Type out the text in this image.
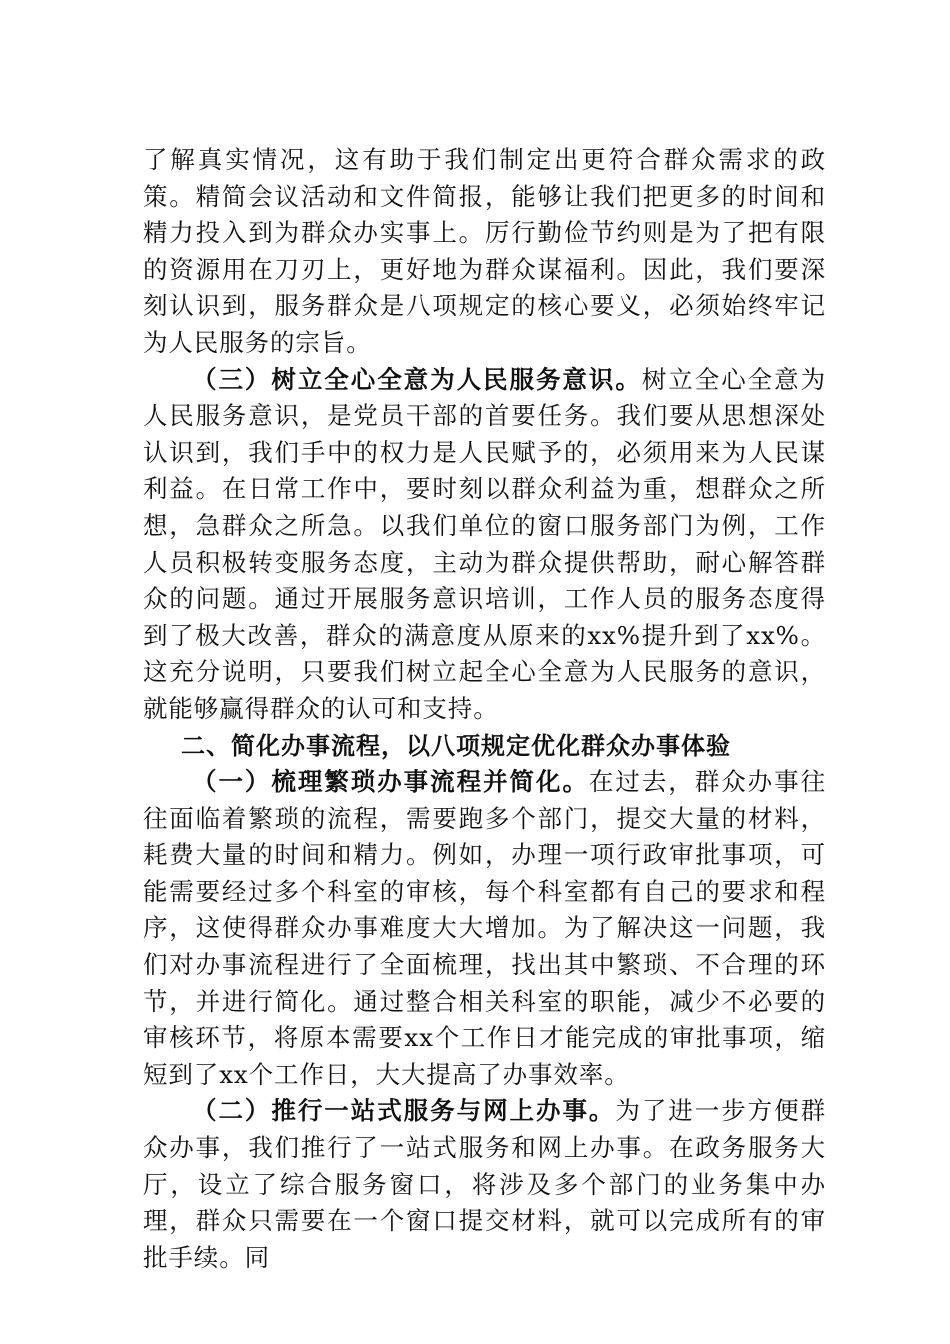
了解真实情况，这有助于我们制定出更符合群众需求的政策。精简会议活动和文件简报，能够让我们把更多的时间和精力投入到为群众办实事上。厉行勤俭节约则是为了把有限的资源用在刀刃上，更好地为群众谋福利。因此，我们要深刻认识到，服务群众是八项规定的核心要义，必须始终牢记为人民服务的宗旨。

（三）树立全心全意为人民服务意识。树立全心全意为人民服务意识，是党员干部的首要任务。我们要从思想深处认识到，我们手中的权力是人民赋予的，必须用来为人民谋利益。在日常工作中，要时刻以群众利益为重，想群众之所想，急群众之所急。以我们单位的窗口服务部门为例，工作人员积极转变服务态度，主动为群众提供帮助，耐心解答群众的问题。通过开展服务意识培训，工作人员的服务态度得到了极大改善，群众的满意度从原来的xx%提升到了xx%。这充分说明，只要我们树立起全心全意为人民服务的意识，就能够赢得群众的认可和支持。

二、简化办事流程，以八项规定优化群众办事体验

（一）梳理繁琐办事流程并简化。在过去，群众办事往往面临着繁琐的流程，需要跑多个部门，提交大量的材料，耗费大量的时间和精力。例如，办理一项行政审批事项，可能需要经过多个科室的审核，每个科室都有自己的要求和程序，这使得群众办事难度大大增加。为了解决这一问题，我们对办事流程进行了全面梳理，找出其中繁琐、不合理的环节，并进行简化。通过整合相关科室的职能，减少不必要的审核环节，将原本需要xx个工作日才能完成的审批事项，缩短到了xx个工作日，大大提高了办事效率。

（二）推行一站式服务与网上办事。为了进一步方便群众办事，我们推行了一站式服务和网上办事。在政务服务大厅，设立了综合服务窗口，将涉及多个部门的业务集中办理，群众只需要在一个窗口提交材料，就可以完成所有的审批手续。同
